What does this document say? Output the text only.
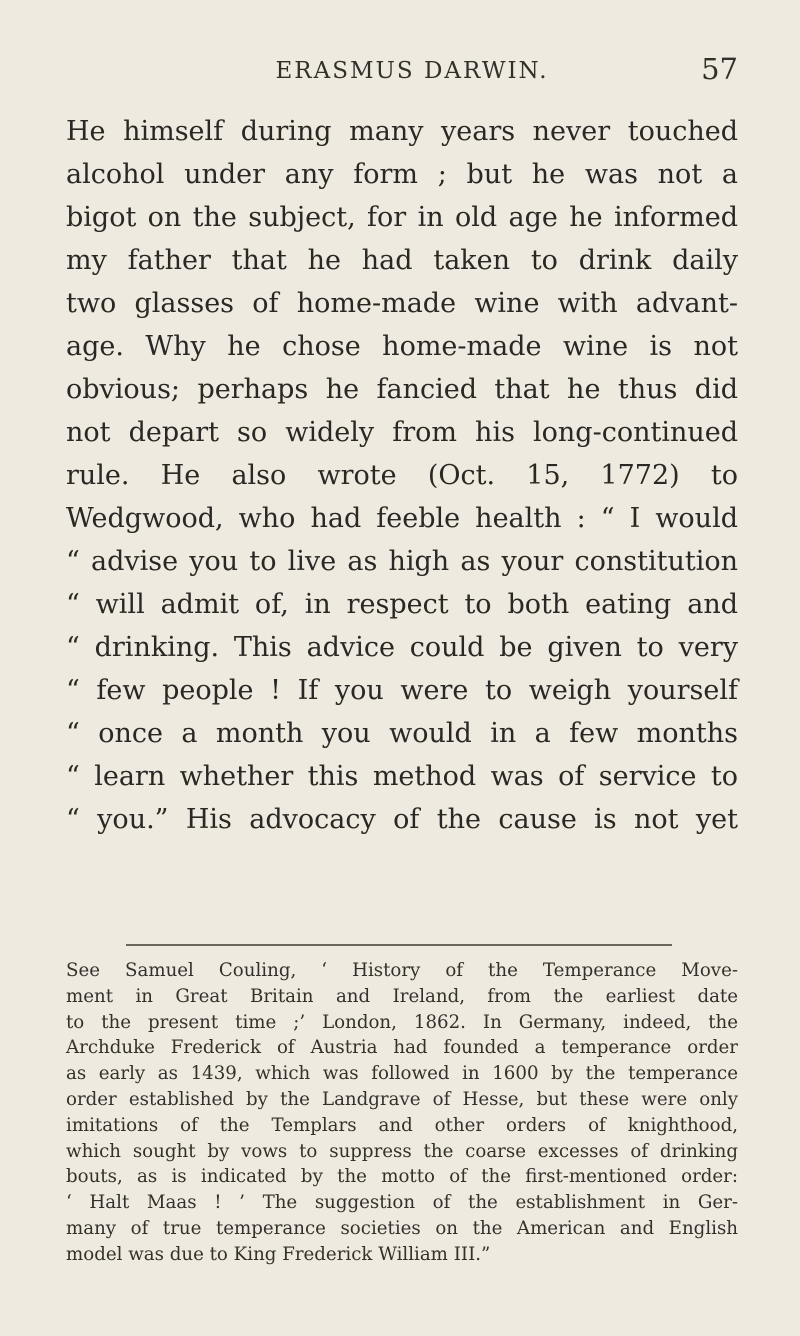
ERASMUS DARWIN.	57
He himself during many years never touched
alcohol under any form ; but he was not a
bigot on the subject, for in old age he informed
my father that he had taken to drink daily
two glasses of home-made wine with advant-
age. Why he chose home-made wine is not
obvious; perhaps he fancied that he thus did
not depart so widely from his long-continued
rule. He also wrote (Oct. 15, 1772) to
Wedgwood, who had feeble health : “ I would
“ advise you to live as high as your constitution
“ will admit of, in respect to both eating and
“ drinking. This advice could be given to very
“ few people ! If you were to weigh yourself
“ once a month you would in a few months
“ learn whether this method was of service to
“ you.” His advocacy of the cause is not yet
See Samuel Couling, ‘ History of the Temperance Move-
ment in Great Britain and Ireland, from the earliest date
to the present time ;’ London, 1862. In Germany, indeed, the
Archduke Frederick of Austria had founded a temperance order
as early as 1439, which was followed in 1600 by the temperance
order established by the Landgrave of Hesse, but these were only
imitations of the Templars and other orders of knighthood,
which sought by vows to suppress the coarse excesses of drinking
bouts, as is indicated by the motto of the first-mentioned order:
‘ Halt Maas ! ’ The suggestion of the establishment in Ger-
many of true temperance societies on the American and English
model was due to King Frederick William III.”
